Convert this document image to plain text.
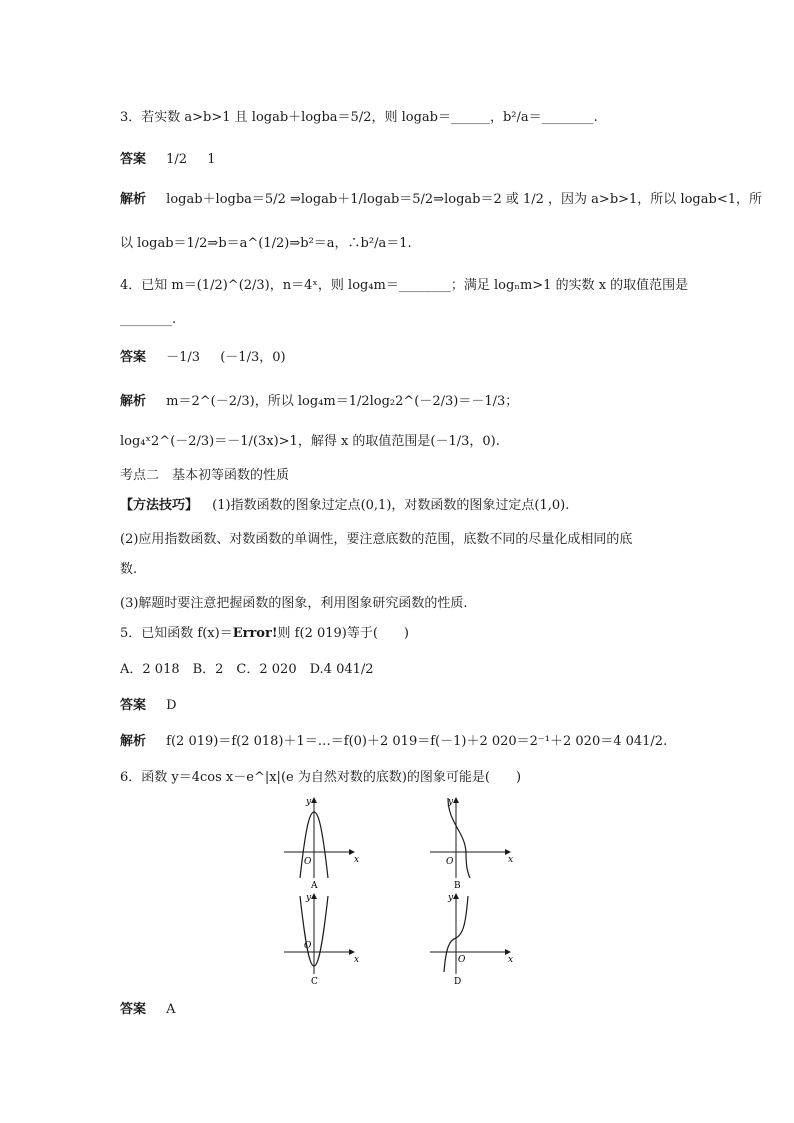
3．若实数 a>b>1 且 logab＋logba＝5/2，则 logab＝______，b²/a＝________.
答案 1/2 1
解析 logab＋logba＝5/2 ⇒logab＋1/logab＝5/2⇒logab＝2 或 1/2 ，因为 a>b>1，所以 logab<1，所
以 logab＝1/2⇒b＝a^(1/2)⇒b²＝a，∴b²/a＝1.
4．已知 m＝(1/2)^(2/3)，n＝4ˣ，则 log₄m＝________；满足 logₙm>1 的实数 x 的取值范围是
________.
答案 －1/3 (－1/3，0)
解析 m＝2^(－2/3)，所以 log₄m＝1/2log₂2^(－2/3)＝－1/3；
log₄ˣ2^(－2/3)＝－1/(3x)>1，解得 x 的取值范围是(－1/3，0).
考点二　基本初等函数的性质
【方法技巧】 (1)指数函数的图象过定点(0,1)，对数函数的图象过定点(1,0).
(2)应用指数函数、对数函数的单调性，要注意底数的范围，底数不同的尽量化成相同的底
数.
(3)解题时要注意把握函数的图象，利用图象研究函数的性质.
5．已知函数 f(x)＝Error!则 f(2 019)等于(　　)
A．2 018　B．2　C．2 020　D.4 041/2
答案 D
解析 f(2 019)＝f(2 018)＋1＝…＝f(0)＋2 019＝f(－1)＋2 020＝2⁻¹＋2 020＝4 041/2.
6．函数 y＝4cos x－e^|x|(e 为自然对数的底数)的图象可能是(　　)
x
y
O
A
x
y
O
B
x
y
O
C
x
y
O
D
答案 A
